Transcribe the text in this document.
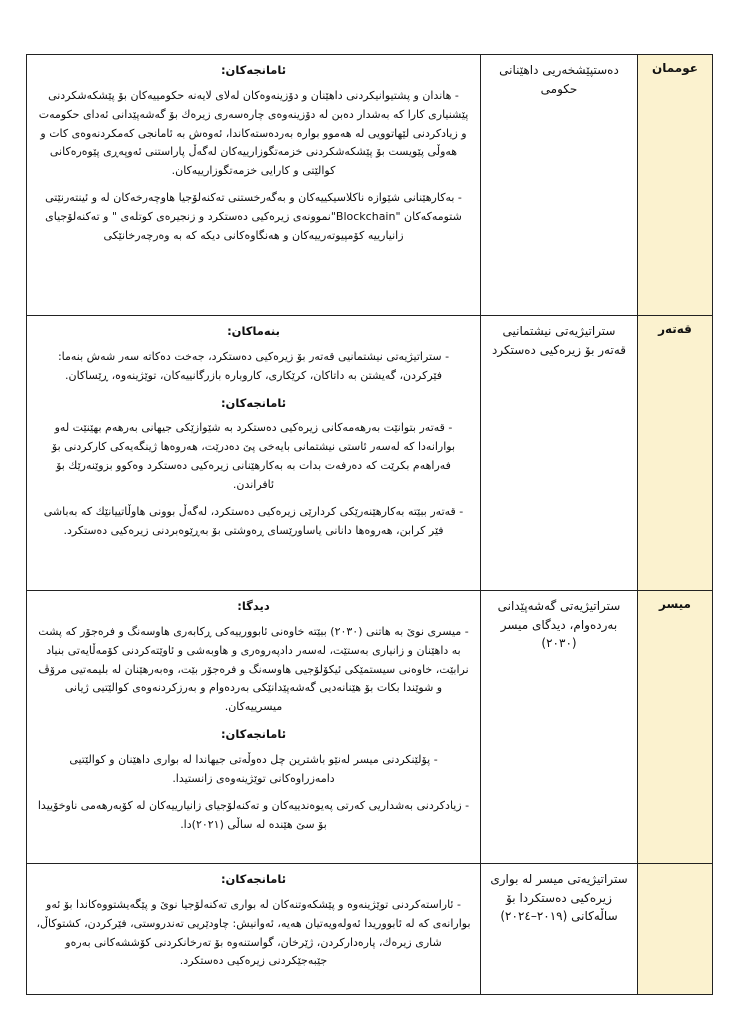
عوممان	دەستپێشخەریی داهێنانی حکومی	ئامانجەکان:

- هاندان و پشتیوانیکردنی داهێنان و دۆزینەوەکان لەلای لایەنە حکومییەکان بۆ پێشکەشکردنی پێشنیاری کارا کە بەشدار دەبن لە دۆزینەوەی چارەسەری زیرەك بۆ گەشەپێدانی ئەدای حکومەت و زیادکردنی لێهاتوویی لە هەموو بواره بەردەستەکاندا، ئەوەش بە ئامانجی کەمکردنەوەی کات و هەوڵی پێویست بۆ پێشکەشکردنی خزمەتگوزارییەکان لەگەڵ پاراستنی ئەوپەڕی پێوەرەکانی کوالێتی و کارایی خزمەتگوزارییەکان.

- بەکارهێنانی شێوازە ناکلاسیکییەکان و بەگەرخستنی تەکنەلۆجیا هاوچەرخەکان لە و ئینتەرنێتی شتومەکەکان "Blockchain"نموونەی زیرەکیی دەستکرد و زنجیرەی کوتلەی " و تەکنەلۆجیای زانیارییە کۆمپیوتەرییەکان و هەنگاوەکانی دیکە کە بە وەرچەرخانێکی

قەتەر	ستراتیژیەتی نیشتمانیی قەتەر بۆ زیرەکیی دەستکرد	بنەماکان:

- ستراتیژیەتی نیشتمانیی قەتەر بۆ زیرەکیی دەستکرد، جەخت دەکاتە سەر شەش بنەما: فێرکردن، گەیشتن بە داتاکان، کرێکاری، کاروباره بازرگانییەکان، توێژینەوە، ڕێساکان.

ئامانجەکان:

- قەتەر بتوانێت بەرهەمەکانی زیرەکیی دەستکرد بە شێوازێکی جیهانی بەرهەم بهێنێت لەو بوارانەدا کە لەسەر ئاستی نیشتمانی بایەخی پێ دەدرێت، هەروەها ژینگەیەکی کارکردنی بۆ فەراهەم بکرێت کە دەرفەت بدات بە بەکارهێنانی زیرەکیی دەستکرد وەکوو بزوێنەرێك بۆ ئافراندن.

- قەتەر ببێتە بەکارهێنەرێکی کردارێی زیرەکیی دەستکرد، لەگەڵ بوونی هاوڵاتییانێك کە بەباشی فێر کرابن، هەروەها دانانی یاساورێسای ڕەوشتی بۆ بەڕێوەبردنی زیرەکیی دەستکرد.

میسر	ستراتیژیەتی گەشەپێدانی بەردەوام، دیدگای میسر (٢٠٣٠)	دیدگا:

- میسری نوێ بە هاتنی (٢٠٣٠) ببێتە خاوەنی ئابوورییەکی ڕکابەری هاوسەنگ و فرەجۆر کە پشت بە داهێنان و زانیاری بەستێت، لەسەر دادپەروەری و هاوبەشی و ئاوێتەکردنی کۆمەڵایەتی بنیاد نرابێت، خاوەنی سیستمێکی ئیکۆلۆجیی هاوسەنگ و فرەجۆر بێت، وەبەرهێنان لە بلیمەتیی مرۆڤ و شوێندا بکات بۆ هێنانەدیی گەشەپێدانێکی بەردەوام و بەرزکردنەوەی کوالێتیی ژیانی میسرییەکان.

ئامانجەکان:

- پۆلێنکردنی میسر لەنێو باشترین چل دەوڵەتی جیهاندا لە بواری داهێنان و کوالێتیی دامەزراوەکانی توێژینەوەی زانستیدا.

- زیادکردنی بەشداریی کەرتی پەیوەندییەکان و تەکنەلۆجیای زانیارییەکان لە کۆبەرهەمی ناوخۆییدا بۆ سێ هێندە لە ساڵی (٢٠٢١)دا.

	ستراتیژیەتی میسر لە بواری زیرەکیی دەستکردا بۆ ساڵەکانی (٢٠١٩–٢٠٢٤)	ئامانجەکان:

- ئاراستەکردنی توێژینەوە و پێشکەوتنەکان لە بواری تەکنەلۆجیا نوێ و پێگەیشتووەکاندا بۆ ئەو بوارانەی کە لە ئابووریدا ئەولەویەتیان هەیە، ئەوانیش: چاودێریی تەندروستی، فێرکردن، کشتوکاڵ، شاری زیرەك، پارەدارکردن، ژێرخان، گواستنەوە بۆ تەرخانکردنی کۆششەکانی بەرەو جێبەجێکردنی زیرەکیی دەستکرد.
